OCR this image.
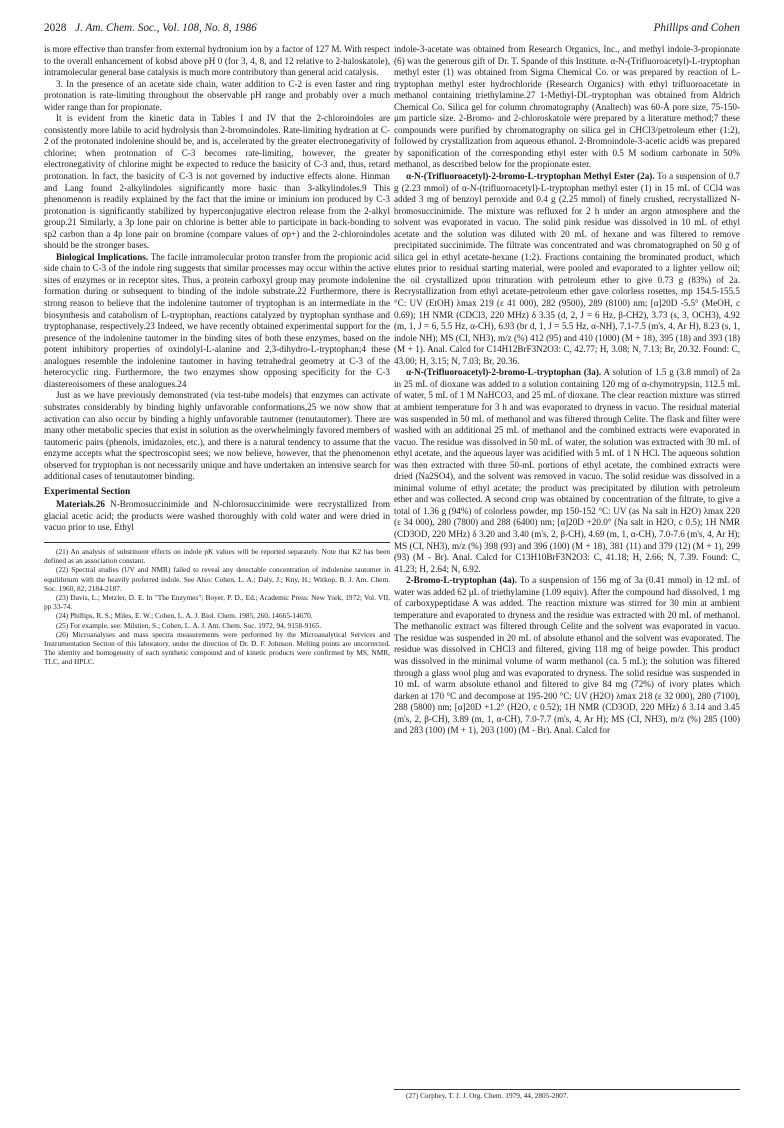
2028 J. Am. Chem. Soc., Vol. 108, No. 8, 1986	Phillips and Cohen

is more effective than transfer from external hydronium ion by a factor of 127 M. With respect to the overall enhancement of kobsd above pH 0 (for 3, 4, 8, and 12 relative to 2-haloskatole), intramolecular general base catalysis is much more contributory than general acid catalysis.

3. In the presence of an acetate side chain, water addition to C-2 is even faster and ring protonation is rate-limiting throughout the observable pH range and probably over a much wider range than for propionate.

It is evident from the kinetic data in Tables I and IV that the 2-chloroindoles are consistently more labile to acid hydrolysis than 2-bromoindoles. Rate-limiting hydration at C-2 of the protonated indolenine should be, and is, accelerated by the greater electronegativity of chlorine; when protonation of C-3 becomes rate-limiting, however, the greater electronegativity of chlorine might be expected to reduce the basicity of C-3 and, thus, retard protonation. In fact, the basicity of C-3 is not governed by inductive effects alone. Hinman and Lang found 2-alkylindoles significantly more basic than 3-alkylindoles.9 This phenomenon is readily explained by the fact that the imine or iminium ion produced by C-3 protonation is significantly stabilized by hyperconjugative electron release from the 2-alkyl group.21 Similarly, a 3p lone pair on chlorine is better able to participate in back-bonding to sp2 carbon than a 4p lone pair on bromine (compare values of σp+) and the 2-chloroindoles should be the stronger bases.

Biological Implications. The facile intramolecular proton transfer from the propionic acid side chain to C-3 of the indole ring suggests that similar processes may occur within the active sites of enzymes or in receptor sites. Thus, a protein carboxyl group may promote indolenine formation during or subsequent to binding of the indole substrate.22 Furthermore, there is strong reason to believe that the indolenine tautomer of tryptophan is an intermediate in the biosynthesis and catabolism of L-tryptophan, reactions catalyzed by tryptophan synthase and tryptophanase, respectively.23 Indeed, we have recently obtained experimental support for the presence of the indolenine tautomer in the binding sites of both these enzymes, based on the potent inhibitory properties of oxindolyl-L-alanine and 2,3-dihydro-L-tryptophan;4 these analogues resemble the indolenine tautomer in having tetrahedral geometry at C-3 of the heterocyclic ring. Furthermore, the two enzymes show opposing specificity for the C-3 diastereoisomers of these analogues.24

Just as we have previously demonstrated (via test-tube models) that enzymes can activate substrates considerably by binding highly unfavorable conformations,25 we now show that activation can also occur by binding a highly unfavorable tautomer (tenutautomer). There are many other metabolic species that exist in solution as the overwhelmingly favored members of tautomeric pairs (phenols, imidazoles, etc.), and there is a natural tendency to assume that the enzyme accepts what the spectroscopist sees; we now believe, however, that the phenomenon observed for tryptophan is not necessarily unique and have undertaken an intensive search for additional cases of tenutautomer binding.

Experimental Section

Materials.26 N-Bromosuccinimide and N-chlorosuccinimide were recrystallized from glacial acetic acid; the products were washed thoroughly with cold water and were dried in vacuo prior to use. Ethyl

(21) An analysis of substituent effects on indole pK values will be reported separately. Note that K2 has been defined as an association constant.

(22) Spectral studies (UV and NMR) failed to reveal any detectable concentration of indolenine tautomer in equilibrium with the heavily preferred indole. See Also: Cohen, L. A.; Daly, J.; Kny, H.; Witkop, B. J. Am. Chem. Soc. 1960, 82, 2184-2187.

(23) Davis, L.; Metzler, D. E. In "The Enzymes"; Boyer, P. D., Ed.; Academic Press: New York, 1972; Vol. VII, pp 33-74.

(24) Phillips, R. S.; Miles, E. W.; Cohen, L. A. J. Biol. Chem. 1985, 260, 14665-14670.

(25) For example, see: Milstien, S.; Cohen, L. A. J. Am. Chem. Soc. 1972, 94, 9158-9165.

(26) Microanalyses and mass spectra measurements were performed by the Microanalytical Services and Instrumentation Section of this laboratory, under the direction of Dr. D. F. Johnson. Melting points are uncorrected. The identity and homogeneity of each synthetic compound and of kinetic products were confirmed by MS, NMR, TLC, and HPLC.

indole-3-acetate was obtained from Research Organics, Inc., and methyl indole-3-propionate (6) was the generous gift of Dr. T. Spande of this Institute. α-N-(Trifluoroacetyl)-L-tryptophan methyl ester (1) was obtained from Sigma Chemical Co. or was prepared by reaction of L-tryptophan methyl ester hydrochloride (Research Organics) with ethyl trifluoroacetate in methanol containing triethylamine.27 1-Methyl-DL-tryptophan was obtained from Aldrich Chemical Co. Silica gel for column chromatography (Analtech) was 60-Å pore size, 75-150-μm particle size. 2-Bromo- and 2-chloroskatole were prepared by a literature method;7 these compounds were purified by chromatography on silica gel in CHCl3/petroleum ether (1:2), followed by crystallization from aqueous ethanol. 2-Bromoindole-3-acetic acid6 was prepared by saponification of the corresponding ethyl ester with 0.5 M sodium carbonate in 50% methanol, as described below for the propionate ester.

α-N-(Trifluoroacetyl)-2-bromo-L-tryptophan Methyl Ester (2a). To a suspension of 0.7 g (2.23 mmol) of α-N-(trifluoroacetyl)-L-tryptophan methyl ester (1) in 15 mL of CCl4 was added 3 mg of benzoyl peroxide and 0.4 g (2.25 mmol) of finely crushed, recrystallized N-bromosuccinimide. The mixture was refluxed for 2 h under an argon atmosphere and the solvent was evaporated in vacuo. The solid pink residue was dissolved in 10 mL of ethyl acetate and the solution was diluted with 20 mL of hexane and was filtered to remove precipitated succinimide. The filtrate was concentrated and was chromatographed on 50 g of silica gel in ethyl acetate-hexane (1:2). Fractions containing the brominated product, which elutes prior to residual starting material, were pooled and evaporated to a lighter yellow oil; the oil crystallized upon trituration with petroleum ether to give 0.73 g (83%) of 2a. Recrystallization from ethyl acetate-petroleum ether gave colorless rosettes, mp 154.5-155.5 °C: UV (EtOH) λmax 219 (ε 41 000), 282 (9500), 289 (8100) nm; [α]20D -5.5° (MeOH, c 0.69); 1H NMR (CDCl3, 220 MHz) δ 3.35 (d, 2, J = 6 Hz, β-CH2), 3.73 (s, 3, OCH3), 4.92 (m, 1, J = 6, 5.5 Hz, α-CH), 6.93 (br d, 1, J = 5.5 Hz, α-NH), 7.1-7.5 (m's, 4, Ar H), 8.23 (s, 1, indole NH); MS (CI, NH3), m/z (%) 412 (95) and 410 (1000) (M + 18), 395 (18) and 393 (18) (M + 1). Anal. Calcd for C14H12BrF3N2O3: C, 42.77; H, 3.08; N, 7.13; Br, 20.32. Found: C, 43.00; H, 3.15; N, 7.03; Br, 20.36.

α-N-(Trifluoroacetyl)-2-bromo-L-tryptophan (3a). A solution of 1.5 g (3.8 mmol) of 2a in 25 mL of dioxane was added to a solution containing 120 mg of α-chymotrypsin, 112.5 mL of water, 5 mL of 1 M NaHCO3, and 25 mL of dioxane. The clear reaction mixture was stirred at ambient temperature for 3 h and was evaporated to dryness in vacuo. The residual material was suspended in 50 mL of methanol and was filtered through Celite. The flask and filter were washed with an additional 25 mL of methanol and the combined extracts were evaporated in vacuo. The residue was dissolved in 50 mL of water, the solution was extracted with 30 mL of ethyl acetate, and the aqueous layer was acidified with 5 mL of 1 N HCl. The aqueous solution was then extracted with three 50-mL portions of ethyl acetate, the combined extracts were dried (Na2SO4), and the solvent was removed in vacuo. The solid residue was dissolved in a minimal volume of ethyl acetate; the product was precipitated by dilution with petroleum ether and was collected. A second crop was obtained by concentration of the filtrate, to give a total of 1.36 g (94%) of colorless powder, mp 150-152 °C: UV (as Na salt in H2O) λmax 220 (ε 34 000), 280 (7800) and 288 (6400) nm; [α]20D +20.0° (Na salt in H2O, c 0.5); 1H NMR (CD3OD, 220 MHz) δ 3.20 and 3.40 (m's, 2, β-CH), 4.69 (m, 1, α-CH), 7.0-7.6 (m's, 4, Ar H); MS (CI, NH3), m/z (%) 398 (93) and 396 (100) (M + 18), 381 (11) and 379 (12) (M + 1), 299 (93) (M - Br). Anal. Calcd for C13H10BrF3N2O3: C, 41.18; H, 2.66; N, 7.39. Found: C, 41.23; H, 2.64; N, 6.92.

2-Bromo-L-tryptophan (4a). To a suspension of 156 mg of 3a (0.41 mmol) in 12 mL of water was added 62 μL of triethylamine (1.09 equiv). After the compound had dissolved, 1 mg of carboxypeptidase A was added. The reaction mixture was stirred for 30 min at ambient temperature and evaporated to dryness and the residue was extracted with 20 mL of methanol. The methanolic extract was filtered through Celite and the solvent was evaporated in vacuo. The residue was suspended in 20 mL of absolute ethanol and the solvent was evaporated. The residue was dissolved in CHCl3 and filtered, giving 118 mg of beige powder. This product was dissolved in the minimal volume of warm methanol (ca. 5 mL); the solution was filtered through a glass wool plug and was evaporated to dryness. The solid residue was suspended in 10 mL of warm absolute ethanol and filtered to give 84 mg (72%) of ivory plates which darken at 170 °C and decompose at 195-200 °C: UV (H2O) λmax 218 (ε 32 000), 280 (7100), 288 (5800) nm; [α]20D +1.2° (H2O, c 0.52); 1H NMR (CD3OD, 220 MHz) δ 3.14 and 3.45 (m's, 2, β-CH), 3.89 (m, 1, α-CH), 7.0-7.7 (m's, 4, Ar H); MS (CI, NH3), m/z (%) 285 (100) and 283 (100) (M + 1), 203 (100) (M - Br). Anal. Calcd for

(27) Curphey, T. J. J. Org. Chem. 1979, 44, 2805-2807.
